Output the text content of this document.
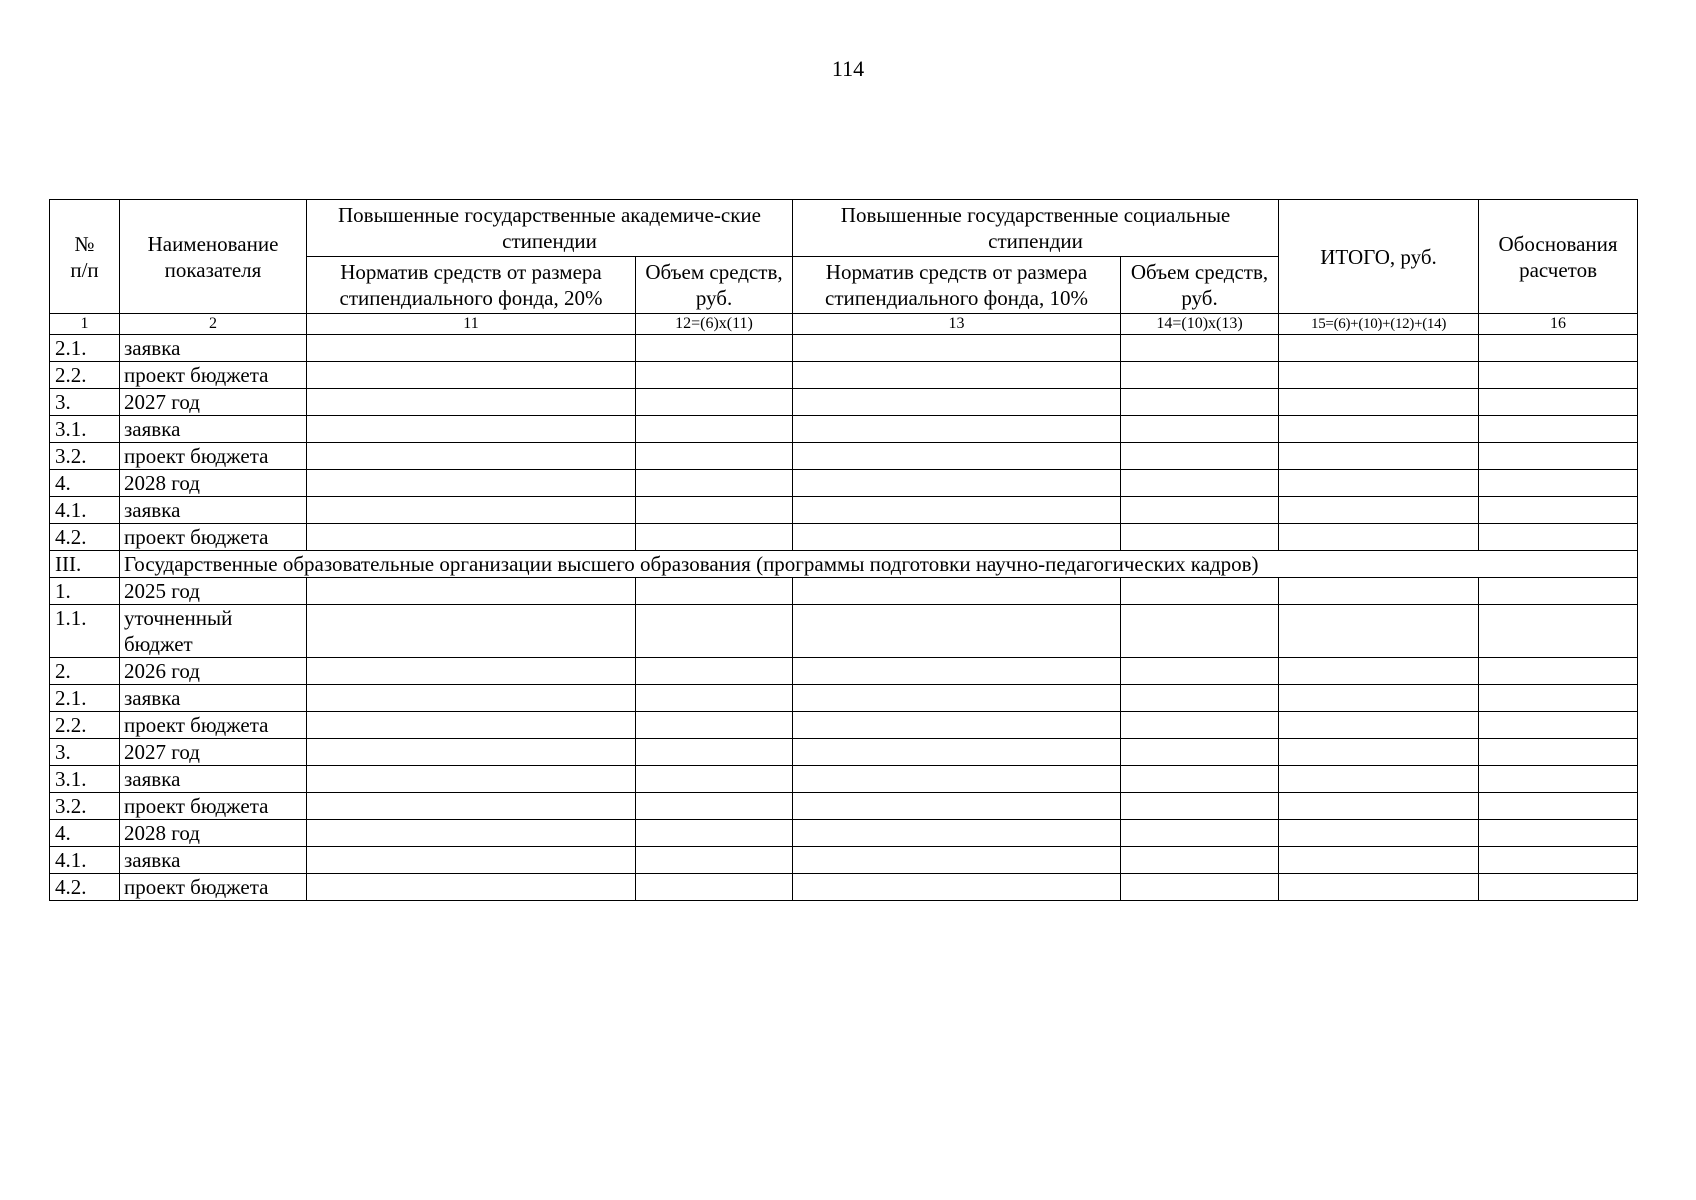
114
№
п/п	Наименование показателя	Повышенные государственные академиче-ские стипендии		Повышенные государственные социальные стипендии		ИТОГО, руб.	Обоснования расчетов
		Норматив средств от размера стипендиального фонда, 20%	Объем средств, руб.	Норматив средств от размера стипендиального фонда, 10%	Объем средств, руб.		
1	2	11	12=(6)x(11)	13	14=(10)x(13)	15=(6)+(10)+(12)+(14)	16
2.1.	заявка						
2.2.	проект бюджета						
3.	2027 год						
3.1.	заявка						
3.2.	проект бюджета						
4.	2028 год						
4.1.	заявка						
4.2.	проект бюджета						
III.	Государственные образовательные организации высшего образования (программы подготовки научно-педагогических кадров)						
1.	2025 год						
1.1.	уточненный бюджет						
2.	2026 год						
2.1.	заявка						
2.2.	проект бюджета						
3.	2027 год						
3.1.	заявка						
3.2.	проект бюджета						
4.	2028 год						
4.1.	заявка						
4.2.	проект бюджета						
